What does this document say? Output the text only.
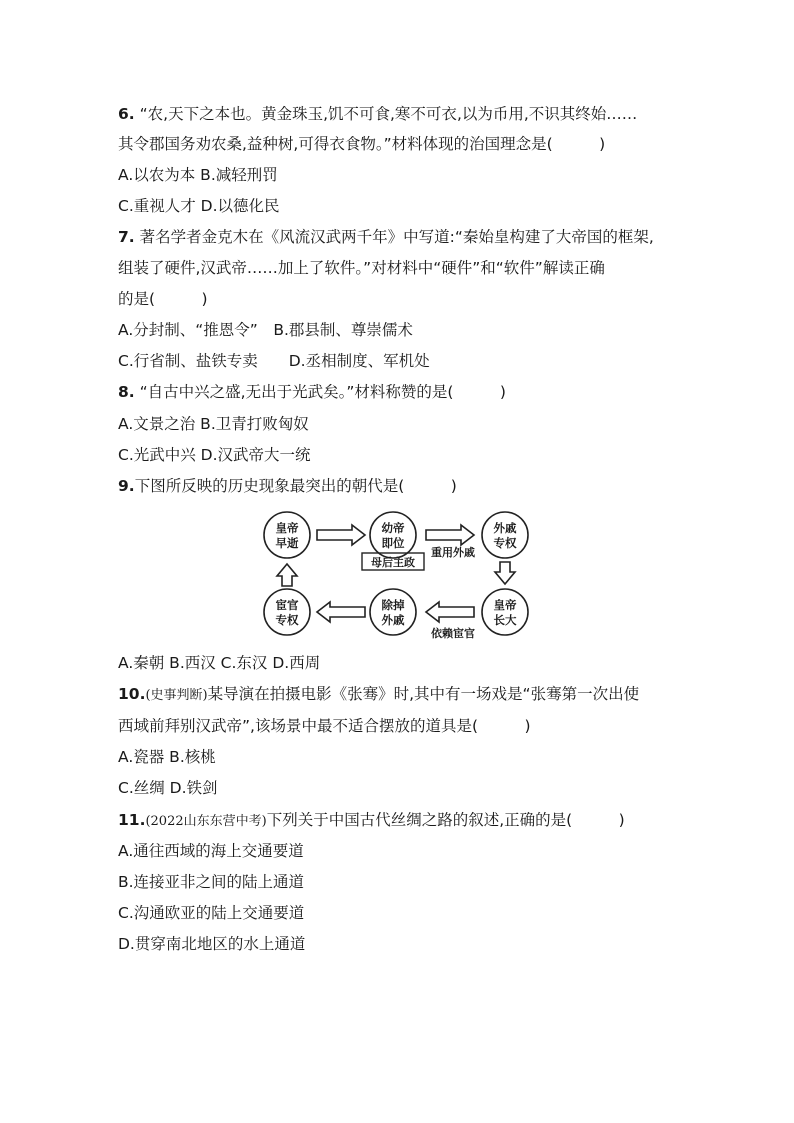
6. “农,天下之本也。黄金珠玉,饥不可食,寒不可衣,以为币用,不识其终始……
其令郡国务劝农桑,益种树,可得衣食物。”材料体现的治国理念是(　　　)
A.以农为本 B.减轻刑罚
C.重视人才 D.以德化民
7. 著名学者金克木在《风流汉武两千年》中写道:“秦始皇构建了大帝国的框架,
组装了硬件,汉武帝……加上了软件。”对材料中“硬件”和“软件”解读正确
的是(　　　)
A.分封制、“推恩令”　B.郡县制、尊崇儒术
C.行省制、盐铁专卖　　D.丞相制度、军机处
8. “自古中兴之盛,无出于光武矣。”材料称赞的是(　　　)
A.文景之治 B.卫青打败匈奴
C.光武中兴 D.汉武帝大一统
9.下图所反映的历史现象最突出的朝代是(　　　)
皇帝
早逝
幼帝
即位
外戚
专权
皇帝
长大
除掉
外戚
宦官
专权
母后主政
重用外戚
依赖宦官
A.秦朝 B.西汉 C.东汉 D.西周
10.(史事判断)某导演在拍摄电影《张骞》时,其中有一场戏是“张骞第一次出使
西域前拜别汉武帝”,该场景中最不适合摆放的道具是(　　　)
A.瓷器 B.核桃
C.丝绸 D.铁剑
11.(2022山东东营中考)下列关于中国古代丝绸之路的叙述,正确的是(　　　)
A.通往西域的海上交通要道
B.连接亚非之间的陆上通道
C.沟通欧亚的陆上交通要道
D.贯穿南北地区的水上通道
